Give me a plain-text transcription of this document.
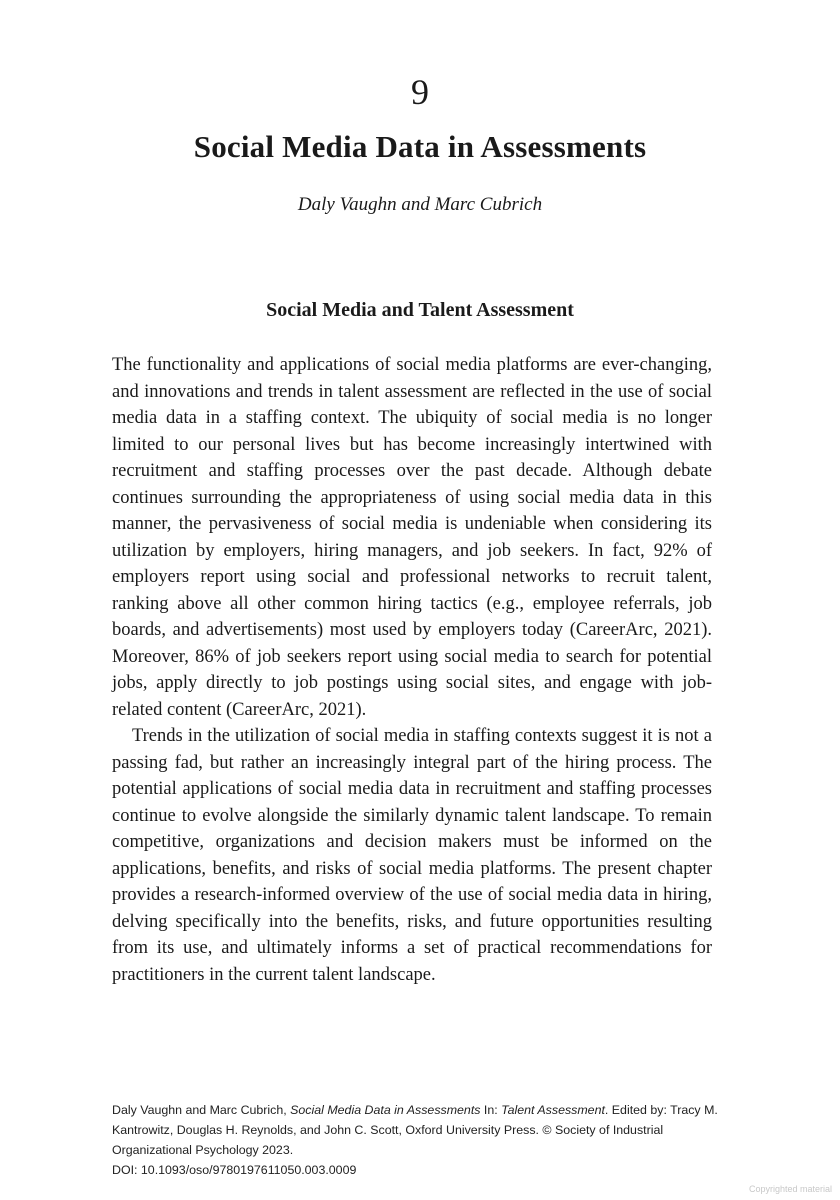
9
Social Media Data in Assessments
Daly Vaughn and Marc Cubrich
Social Media and Talent Assessment

The functionality and applications of social media platforms are ever-changing, and innovations and trends in talent assessment are reflected in the use of social media data in a staffing context. The ubiquity of social media is no longer limited to our personal lives but has become increasingly intertwined with recruitment and staffing processes over the past decade. Although debate continues surrounding the appropriateness of using social media data in this manner, the pervasiveness of social media is undeniable when considering its utilization by employers, hiring managers, and job seekers. In fact, 92% of employers report using social and professional networks to recruit talent, ranking above all other common hiring tactics (e.g., employee referrals, job boards, and advertisements) most used by employers today (CareerArc, 2021). Moreover, 86% of job seekers report using social media to search for potential jobs, apply directly to job postings using social sites, and engage with job-related content (CareerArc, 2021).

Trends in the utilization of social media in staffing contexts suggest it is not a passing fad, but rather an increasingly integral part of the hiring process. The potential applications of social media data in recruitment and staffing processes continue to evolve alongside the similarly dynamic talent landscape. To remain competitive, organizations and decision makers must be informed on the applications, benefits, and risks of social media platforms. The present chapter provides a research-informed overview of the use of social media data in hiring, delving specifically into the benefits, risks, and future opportunities resulting from its use, and ultimately informs a set of practical recommendations for practitioners in the current talent landscape.

Daly Vaughn and Marc Cubrich, Social Media Data in Assessments In: Talent Assessment. Edited by: Tracy M. Kantrowitz, Douglas H. Reynolds, and John C. Scott, Oxford University Press. © Society of Industrial Organizational Psychology 2023.
DOI: 10.1093/oso/9780197611050.003.0009
Copyrighted material
